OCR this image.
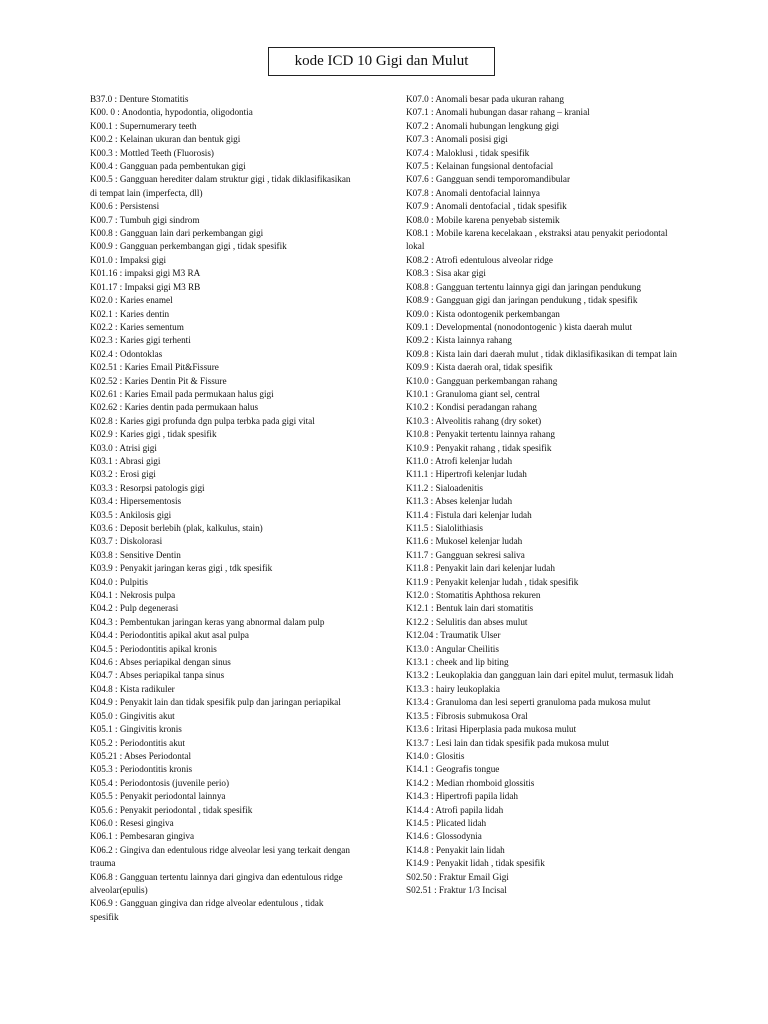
kode ICD 10 Gigi dan Mulut
B37.0 : Denture Stomatitis
K00. 0 : Anodontia, hypodontia, oligodontia
K00.1 : Supernumerary teeth
K00.2 : Kelainan ukuran dan bentuk gigi
K00.3 : Mottled Teeth (Fluorosis)
K00.4 : Gangguan pada pembentukan gigi
K00.5 : Gangguan herediter dalam struktur gigi , tidak diklasifikasikan di tempat lain (imperfecta, dll)
K00.6 : Persistensi
K00.7 : Tumbuh gigi sindrom
K00.8 : Gangguan lain dari perkembangan gigi
K00.9 : Gangguan perkembangan gigi , tidak spesifik
K01.0 : Impaksi gigi
K01.16 : impaksi gigi M3 RA
K01.17 : Impaksi gigi M3 RB
K02.0 : Karies enamel
K02.1 : Karies dentin
K02.2 : Karies sementum
K02.3 : Karies gigi terhenti
K02.4 : Odontoklas
K02.51 : Karies Email Pit&Fissure
K02.52 : Karies Dentin Pit & Fissure
K02.61 : Karies Email pada permukaan halus gigi
K02.62 : Karies dentin pada permukaan halus
K02.8 : Karies gigi profunda dgn pulpa terbka pada gigi vital
K02.9 : Karies gigi , tidak spesifik
K03.0 : Atrisi gigi
K03.1 : Abrasi gigi
K03.2 : Erosi gigi
K03.3 : Resorpsi patologis gigi
K03.4 : Hipersementosis
K03.5 : Ankilosis gigi
K03.6 : Deposit berlebih (plak, kalkulus, stain)
K03.7 : Diskolorasi
K03.8 : Sensitive Dentin
K03.9 : Penyakit jaringan keras gigi , tdk spesifik
K04.0 : Pulpitis
K04.1 : Nekrosis pulpa
K04.2 : Pulp degenerasi
K04.3 : Pembentukan jaringan keras yang abnormal dalam pulp
K04.4 : Periodontitis apikal akut asal pulpa
K04.5 : Periodontitis apikal kronis
K04.6 : Abses periapikal dengan sinus
K04.7 : Abses periapikal tanpa sinus
K04.8 : Kista radikuler
K04.9 : Penyakit lain dan tidak spesifik pulp dan jaringan periapikal
K05.0 : Gingivitis akut
K05.1 : Gingivitis kronis
K05.2 : Periodontitis akut
K05.21 : Abses Periodontal
K05.3 : Periodontitis kronis
K05.4 : Periodontosis (juvenile perio)
K05.5 : Penyakit periodontal lainnya
K05.6 : Penyakit periodontal , tidak spesifik
K06.0 : Resesi gingiva
K06.1 : Pembesaran gingiva
K06.2 : Gingiva dan edentulous ridge alveolar lesi yang terkait dengan trauma
K06.8 : Gangguan tertentu lainnya dari gingiva dan edentulous ridge alveolar(epulis)
K06.9 : Gangguan gingiva dan ridge alveolar edentulous , tidak spesifik
K07.0 : Anomali besar pada ukuran rahang
K07.1 : Anomali hubungan dasar rahang – kranial
K07.2 : Anomali hubungan lengkung gigi
K07.3 : Anomali posisi gigi
K07.4 : Maloklusi , tidak spesifik
K07.5 : Kelainan fungsional dentofacial
K07.6 : Gangguan sendi temporomandibular
K07.8 : Anomali dentofacial lainnya
K07.9 : Anomali dentofacial , tidak spesifik
K08.0 : Mobile karena penyebab sistemik
K08.1 : Mobile karena kecelakaan , ekstraksi atau penyakit periodontal lokal
K08.2 : Atrofi edentulous alveolar ridge
K08.3 : Sisa akar gigi
K08.8 : Gangguan tertentu lainnya gigi dan jaringan pendukung
K08.9 : Gangguan gigi dan jaringan pendukung , tidak spesifik
K09.0 : Kista odontogenik perkembangan
K09.1 : Developmental (nonodontogenic ) kista daerah mulut
K09.2 : Kista lainnya rahang
K09.8 : Kista lain dari daerah mulut , tidak diklasifikasikan di tempat lain
K09.9 : Kista daerah oral, tidak spesifik
K10.0 : Gangguan perkembangan rahang
K10.1 : Granuloma giant sel, central
K10.2 : Kondisi peradangan rahang
K10.3 : Alveolitis rahang (dry soket)
K10.8 : Penyakit tertentu lainnya rahang
K10.9 : Penyakit rahang , tidak spesifik
K11.0 : Atrofi kelenjar ludah
K11.1 : Hipertrofi kelenjar ludah
K11.2 : Sialoadenitis
K11.3 : Abses kelenjar ludah
K11.4 : Fistula dari kelenjar ludah
K11.5 : Sialolithiasis
K11.6 : Mukosel kelenjar ludah
K11.7 : Gangguan sekresi saliva
K11.8 : Penyakit lain dari kelenjar ludah
K11.9 : Penyakit kelenjar ludah , tidak spesifik
K12.0 : Stomatitis Aphthosa rekuren
K12.1 : Bentuk lain dari stomatitis
K12.2 : Selulitis dan abses mulut
K12.04 : Traumatik Ulser
K13.0 : Angular Cheilitis
K13.1 : cheek and lip biting
K13.2 : Leukoplakia dan gangguan lain dari epitel mulut, termasuk lidah
K13.3 : hairy leukoplakia
K13.4 : Granuloma dan lesi seperti granuloma pada mukosa mulut
K13.5 : Fibrosis submukosa Oral
K13.6 : Iritasi Hiperplasia pada mukosa mulut
K13.7 : Lesi lain dan tidak spesifik pada mukosa mulut
K14.0 : Glositis
K14.1 : Geografis tongue
K14.2 : Median rhomboid glossitis
K14.3 : Hipertrofi papila lidah
K14.4 : Atrofi papila lidah
K14.5 : Plicated lidah
K14.6 : Glossodynia
K14.8 : Penyakit lain lidah
K14.9 : Penyakit lidah , tidak spesifik
S02.50 : Fraktur Email Gigi
S02.51 : Fraktur 1/3 Incisal
